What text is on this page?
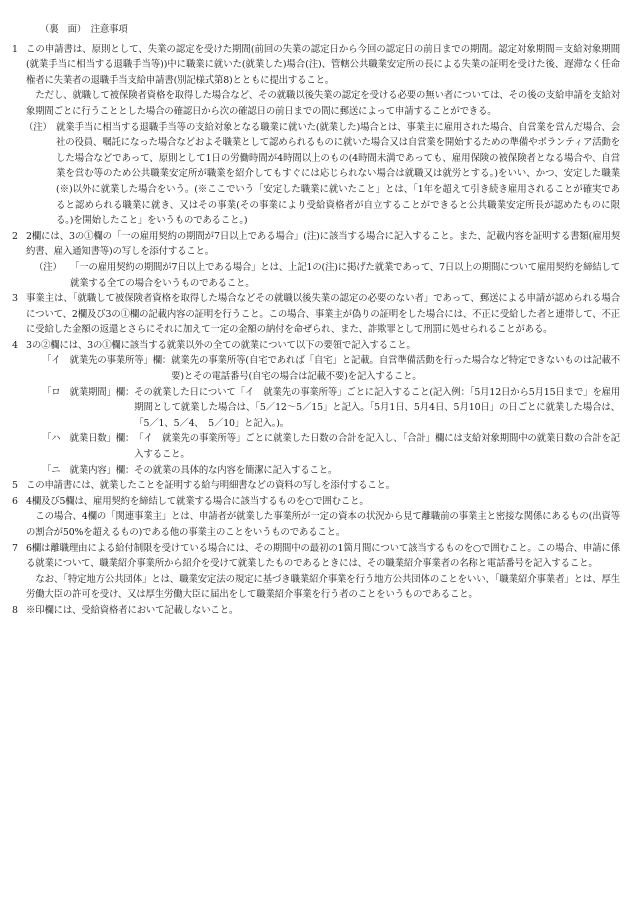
（裏　面）　注意事項
1 この申請書は、原則として、失業の認定を受けた期間(前回の失業の認定日から今回の認定日の前日までの期間。認定対象期間＝支給対象期間(就業手当に相当する退職手当等))中に職業に就いた(就業した)場合(注)、管轄公共職業安定所の長による失業の証明を受けた後、遅滞なく任命権者に失業者の退職手当支給申請書(別記様式第8)とともに提出すること。

ただし、就職して被保険者資格を取得した場合など、その就職以後失業の認定を受ける必要の無い者については、その後の支給申請を支給対象期間ごとに行うこととした場合の確認日から次の確認日の前日までの間に郵送によって申請することができる。

（注） 就業手当に相当する退職手当等の支給対象となる職業に就いた(就業した)場合とは、事業主に雇用された場合、自営業を営んだ場合、会社の役員、嘱託になった場合などおよそ職業として認められるものに就いた場合又は自営業を開始するための準備やボランティア活動をした場合などであって、原則として1日の労働時間が4時間以上のもの(4時間未満であっても、雇用保険の被保険者となる場合や、自営業を営む等のため公共職業安定所が職業を紹介してもすぐには応じられない場合は就職又は就労とする。)をいい、かつ、安定した職業(※)以外に就業した場合をいう。(※ここでいう「安定した職業に就いたこと」とは、「1年を超えて引き続き雇用されることが確実であると認められる職業に就き、又はその事業(その事業により受給資格者が自立することができると公共職業安定所長が認めたものに限る。)を開始したこと」をいうものであること。)
2 2欄には、3の①欄の「一の雇用契約の期間が7日以上である場合」(注)に該当する場合に記入すること。また、記載内容を証明する書類(雇用契約書、雇入通知書等)の写しを添付すること。

（注） 「一の雇用契約の期間が7日以上である場合」とは、上記1の(注)に掲げた就業であって、7日以上の期間について雇用契約を締結して就業する全ての場合をいうものであること。
3 事業主は、「就職して被保険者資格を取得した場合などその就職以後失業の認定の必要のない者」であって、郵送による申請が認められる場合について、2欄及び3の①欄の記載内容の証明を行うこと。この場合、事業主が偽りの証明をした場合には、不正に受給した者と連帯して、不正に受給した金額の返還とさらにそれに加えて一定の金額の納付を命ぜられ、また、詐欺罪として刑罰に処せられることがある。

4 3の②欄には、3の①欄に該当する就業以外の全ての就業について以下の要領で記入すること。

「イ　就業先の事業所等」欄： 就業先の事業所等(自宅であれば「自宅」と記載。自営準備活動を行った場合など特定できないものは記載不要)とその電話番号(自宅の場合は記載不要)を記入すること。
「ロ　就業期間」欄： その就業した日について「イ　就業先の事業所等」ごとに記入すること(記入例：「5月12日から5月15日まで」を雇用期間として就業した場合は、「5／12～5／15」と記入。「5月1日、5月4日、5月10日」の日ごとに就業した場合は、「5／1、5／4、　5／10」と記入。)。
「ハ　就業日数」欄： 「イ　就業先の事業所等」ごとに就業した日数の合計を記入し、「合計」欄には支給対象期間中の就業日数の合計を記入すること。
「ニ　就業内容」欄： その就業の具体的な内容を簡潔に記入すること。
5 この申請書には、就業したことを証明する給与明細書などの資料の写しを添付すること。

6 4欄及び5欄は、雇用契約を締結して就業する場合に該当するものを○で囲むこと。

この場合、4欄の「関連事業主」とは、申請者が就業した事業所が一定の資本の状況から見て離職前の事業主と密接な関係にあるもの(出資等の割合が50%を超えるもの)である他の事業主のことをいうものであること。

7 6欄は離職理由による給付制限を受けている場合には、その期間中の最初の1箇月間について該当するものを○で囲むこと。この場合、申請に係る就業について、職業紹介事業所から紹介を受けて就業したものであるときには、その職業紹介事業者の名称と電話番号を記入すること。

なお、「特定地方公共団体」とは、職業安定法の規定に基づき職業紹介事業を行う地方公共団体のことをいい、「職業紹介事業者」とは、厚生労働大臣の許可を受け、又は厚生労働大臣に届出をして職業紹介事業を行う者のことをいうものであること。

8 ※印欄には、受給資格者において記載しないこと。
